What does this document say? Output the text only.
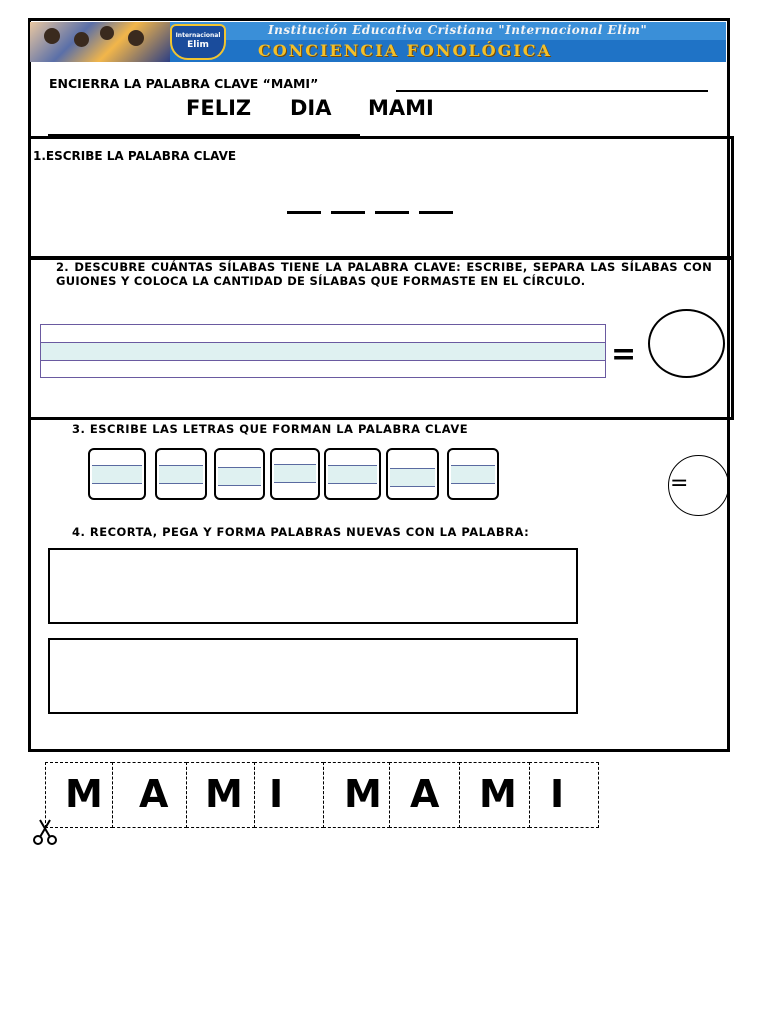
Internacional
Elim
Institución Educativa Cristiana "Internacional Elim"
CONCIENCIA FONOLÓGICA
ENCIERRA LA PALABRA CLAVE “MAMI”
FELIZ DIA MAMI
1.ESCRIBE LA PALABRA CLAVE
2. DESCUBRE CUÁNTAS SÍLABAS TIENE LA PALABRA CLAVE: ESCRIBE, SEPARA LAS SÍLABAS CON GUIONES Y COLOCA LA CANTIDAD DE SÍLABAS QUE FORMASTE EN EL CÍRCULO.
=
3. ESCRIBE LAS LETRAS QUE FORMAN LA PALABRA CLAVE
=
4. RECORTA, PEGA Y FORMA PALABRAS NUEVAS CON LA PALABRA:
M A M I M A M I
